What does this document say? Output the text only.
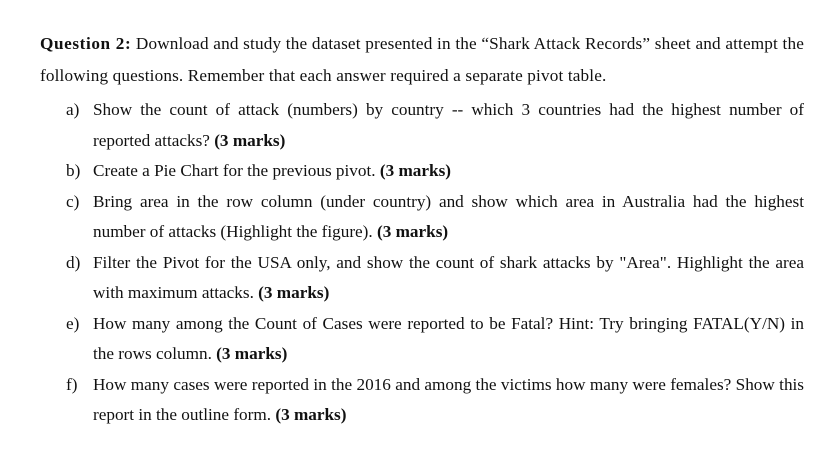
Question 2: Download and study the dataset presented in the “Shark Attack Records” sheet and attempt the following questions. Remember that each answer required a separate pivot table.

a) Show the count of attack (numbers) by country -- which 3 countries had the highest number of reported attacks? (3 marks)
b) Create a Pie Chart for the previous pivot. (3 marks)
c) Bring area in the row column (under country) and show which area in Australia had the highest number of attacks (Highlight the figure). (3 marks)
d) Filter the Pivot for the USA only, and show the count of shark attacks by "Area". Highlight the area with maximum attacks. (3 marks)
e) How many among the Count of Cases were reported to be Fatal? Hint: Try bringing FATAL(Y/N) in the rows column. (3 marks)
f) How many cases were reported in the 2016 and among the victims how many were females? Show this report in the outline form. (3 marks)
